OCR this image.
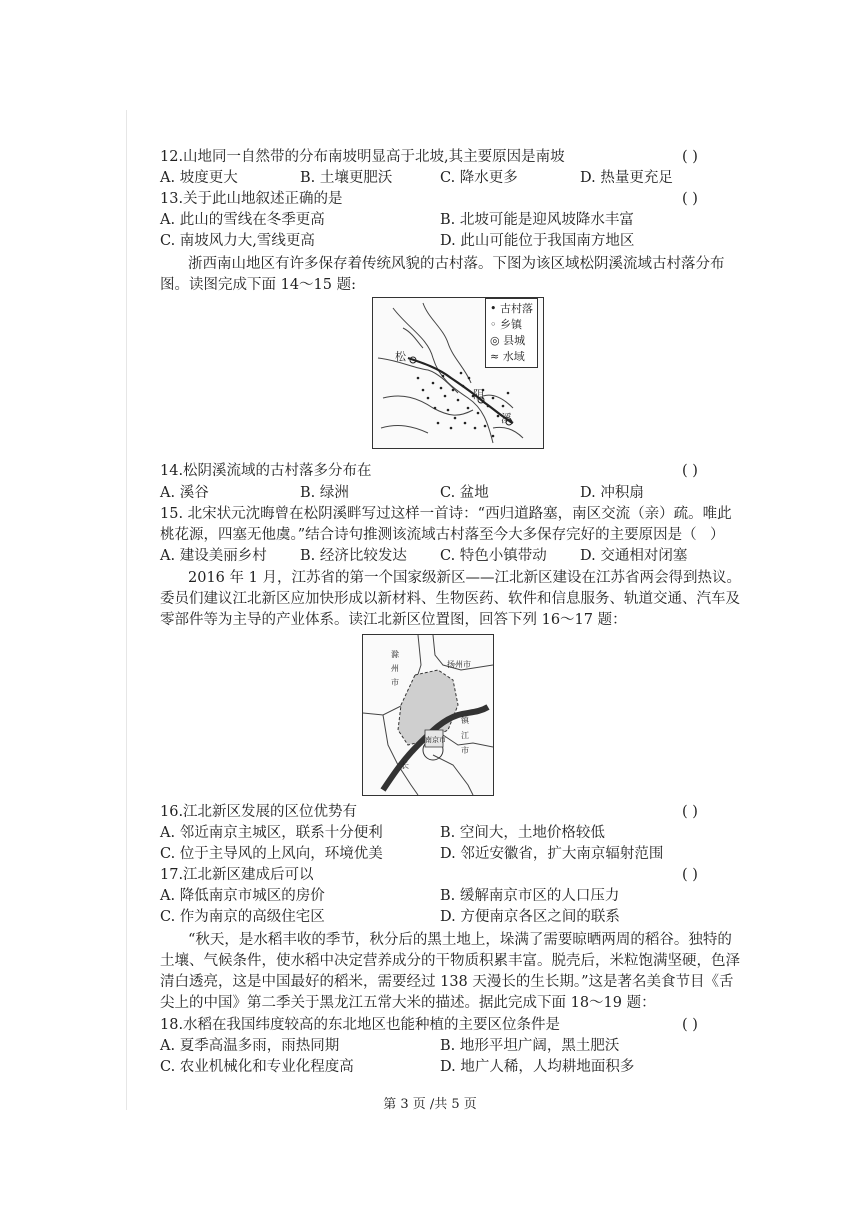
12.山地同一自然带的分布南坡明显高于北坡,其主要原因是南坡	( )
A. 坡度更大	B. 土壤更肥沃	C. 降水更多	D. 热量更充足
13.关于此山地叙述正确的是	( )
A. 此山的雪线在冬季更高	B. 北坡可能是迎风坡降水丰富
C. 南坡风力大,雪线更高	D. 此山可能位于我国南方地区
浙西南山地区有许多保存着传统风貌的古村落。下图为该区域松阴溪流域古村落分布
图。读图完成下面 14～15 题:
松
阴
溪
• 古村落
◦ 乡镇
◎ 县城
≈ 水域
14.松阴溪流域的古村落多分布在	( )
A. 溪谷	B. 绿洲	C. 盆地	D. 冲积扇
15. 北宋状元沈晦曾在松阴溪畔写过这样一首诗：“西归道路塞，南区交流（亲）疏。唯此
桃花源，四塞无他虞。”结合诗句推测该流域古村落至今大多保存完好的主要原因是（ ）
A. 建设美丽乡村	B. 经济比较发达	C. 特色小镇带动	D. 交通相对闭塞
2016 年 1 月，江苏省的第一个国家级新区——江北新区建设在江苏省两会得到热议。
委员们建议江北新区应加快形成以新材料、生物医药、软件和信息服务、轨道交通、汽车及
零部件等为主导的产业体系。读江北新区位置图，回答下列 16～17 题：
滁
州
市
扬州市
镇
江
市
南京市
长
16.江北新区发展的区位优势有	( )
A. 邻近南京主城区，联系十分便利	B. 空间大，土地价格较低
C. 位于主导风的上风向，环境优美	D. 邻近安徽省，扩大南京辐射范围
17.江北新区建成后可以	( )
A. 降低南京市城区的房价	B. 缓解南京市区的人口压力
C. 作为南京的高级住宅区	D. 方便南京各区之间的联系
“秋天，是水稻丰收的季节，秋分后的黑土地上，垛满了需要晾晒两周的稻谷。独特的
土壤、气候条件，使水稻中决定营养成分的干物质积累丰富。脱壳后，米粒饱满坚硬，色泽
清白透亮，这是中国最好的稻米，需要经过 138 天漫长的生长期。”这是著名美食节目《舌
尖上的中国》第二季关于黑龙江五常大米的描述。据此完成下面 18～19 题：
18.水稻在我国纬度较高的东北地区也能种植的主要区位条件是	( )
A. 夏季高温多雨，雨热同期	B. 地形平坦广阔，黑土肥沃
C. 农业机械化和专业化程度高	D. 地广人稀，人均耕地面积多
第 3 页 /共 5 页
